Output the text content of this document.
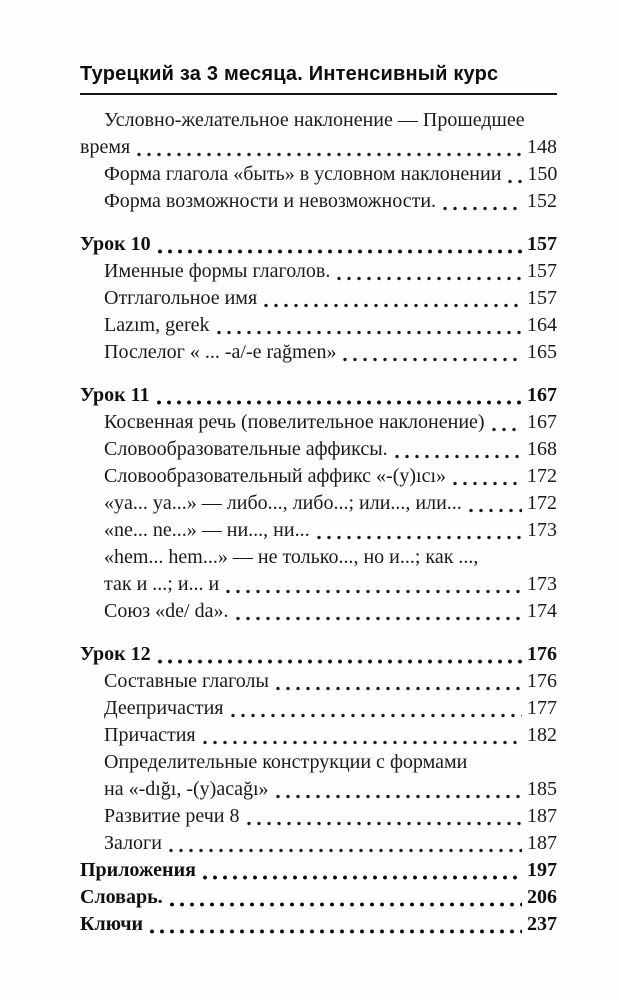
Турецкий за 3 месяца. Интенсивный курс
Условно-желательное наклонение — Прошедшее
время	148
Форма глагола «быть» в условном наклонении 150
Форма возможности и невозможности.	152
Урок 10	157
Именные формы глаголов.	157
Отглагольное имя	157
Lazım, gerek	164
Послелог « ... -a/-e rağmen»	165
Урок 11	167
Косвенная речь (повелительное наклонение) 167
Словообразовательные аффиксы.	168
Словообразовательный аффикс «-(y)ıcı»	172
«ya... ya...» — либо..., либо...; или..., или...	172
«ne... ne...» — ни..., ни...	173
«hem... hem...» — не только..., но и...; как ...,
так и ...; и... и	173
Союз «de/ da».	174
Урок 12	176
Составные глаголы	176
Деепричастия	177
Причастия	182
Определительные конструкции с формами
на «-dığı, -(y)acağı»	185
Развитие речи 8	187
Залоги	187
Приложения	197
Словарь.	206
Ключи	237
